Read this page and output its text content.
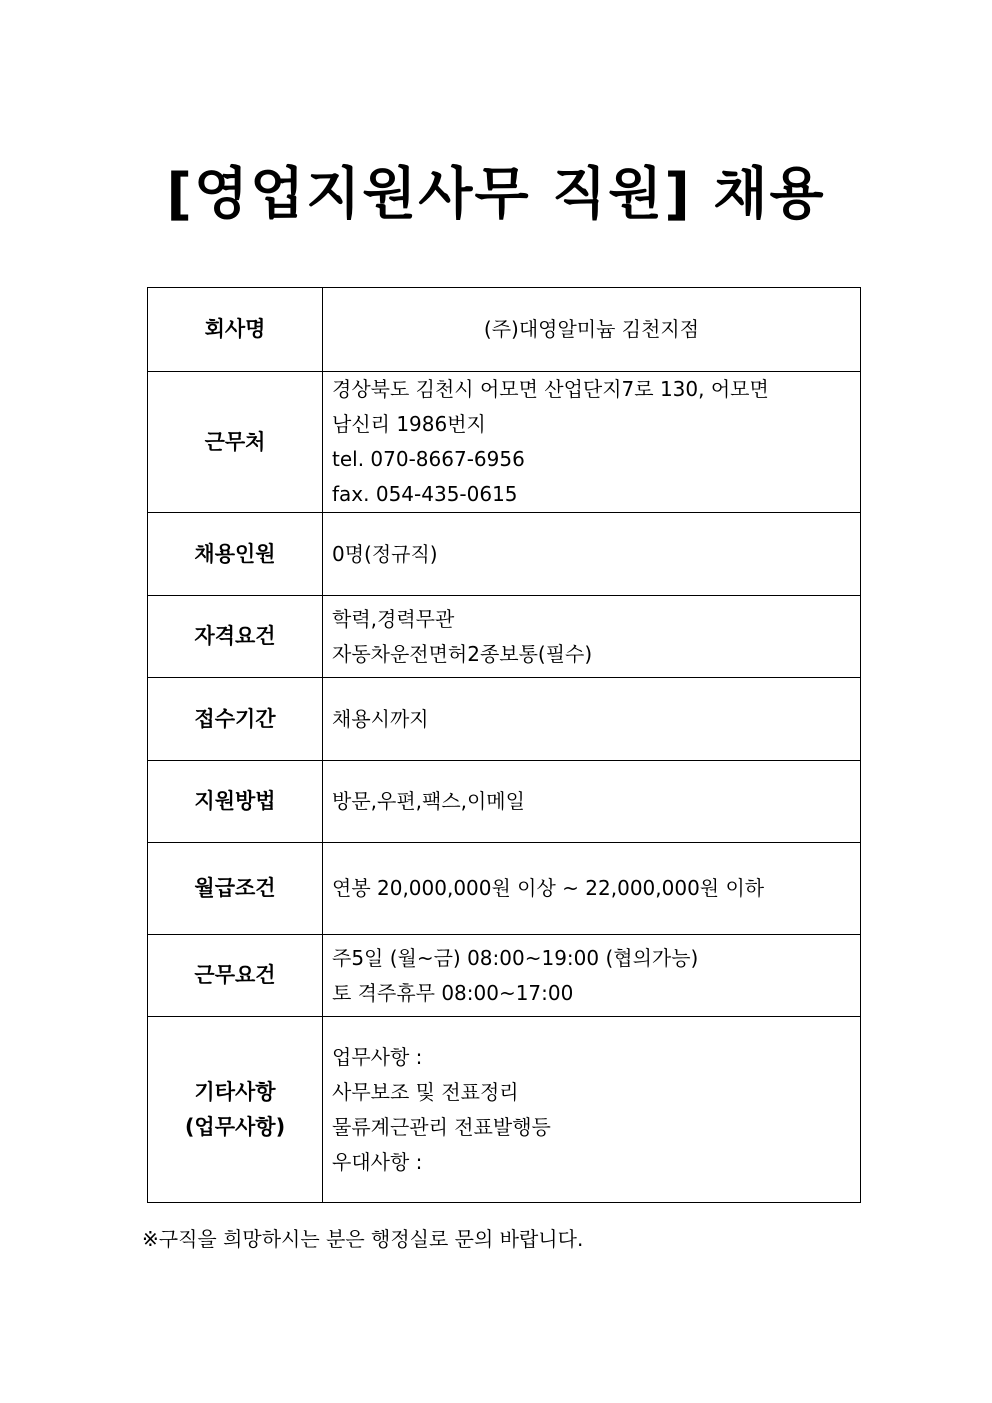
[영업지원사무 직원] 채용
회사명	(주)대영알미늄 김천지점

근무처	경상북도 김천시 어모면 산업단지7로 130, 어모면
남신리 1986번지
tel. 070-8667-6956
fax. 054-435-0615

채용인원	0명(정규직)

자격요건	학력,경력무관
자동차운전면허2종보통(필수)

접수기간	채용시까지

지원방법	방문,우편,팩스,이메일

월급조건	연봉 20,000,000원 이상 ~ 22,000,000원 이하

근무요건	주5일 (월~금) 08:00~19:00 (협의가능)
토 격주휴무 08:00~17:00

기타사항
(업무사항)	업무사항 :
사무보조 및 전표정리
물류계근관리 전표발행등
우대사항 :
※구직을 희망하시는 분은 행정실로 문의 바랍니다.
